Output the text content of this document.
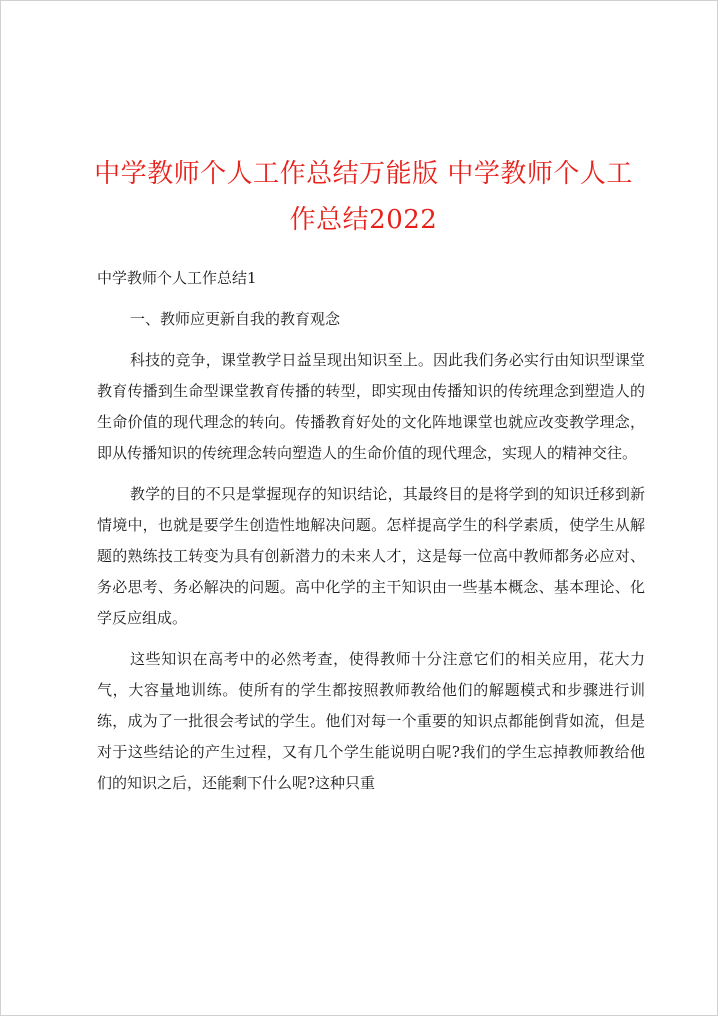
中学教师个人工作总结万能版 中学教师个人工作总结2022

中学教师个人工作总结1

一、教师应更新自我的教育观念

科技的竞争，课堂教学日益呈现出知识至上。因此我们务必实行由知识型课堂教育传播到生命型课堂教育传播的转型，即实现由传播知识的传统理念到塑造人的生命价值的现代理念的转向。传播教育好处的文化阵地课堂也就应改变教学理念，即从传播知识的传统理念转向塑造人的生命价值的现代理念，实现人的精神交往。

教学的目的不只是掌握现存的知识结论，其最终目的是将学到的知识迁移到新情境中，也就是要学生创造性地解决问题。怎样提高学生的科学素质，使学生从解题的熟练技工转变为具有创新潜力的未来人才，这是每一位高中教师都务必应对、务必思考、务必解决的问题。高中化学的主干知识由一些基本概念、基本理论、化学反应组成。

这些知识在高考中的必然考查，使得教师十分注意它们的相关应用，花大力气，大容量地训练。使所有的学生都按照教师教给他们的解题模式和步骤进行训练，成为了一批很会考试的学生。他们对每一个重要的知识点都能倒背如流，但是对于这些结论的产生过程，又有几个学生能说明白呢?我们的学生忘掉教师教给他们的知识之后，还能剩下什么呢?这种只重
